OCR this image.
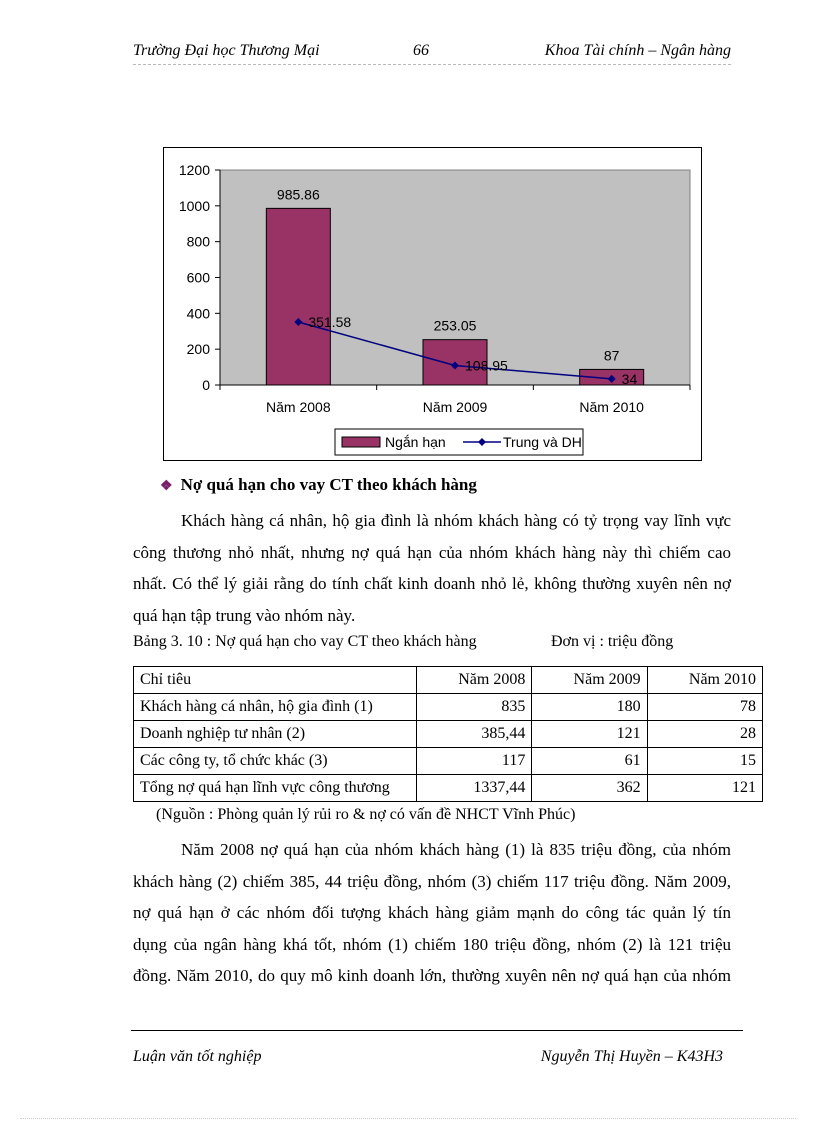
Trường Đại học Thương Mại	66	Khoa Tài chính – Ngân hàng
0
200
400
600
800
1000
1200
Năm 2008	Năm 2009	Năm 2010
985.86
253.05
87
351.58
108.95
34
Ngắn hạn	Trung và DH
❖ Nợ quá hạn cho vay CT theo khách hàng
Khách hàng cá nhân, hộ gia đình là nhóm khách hàng có tỷ trọng vay lĩnh vực
công thương nhỏ nhất, nhưng nợ quá hạn của nhóm khách hàng này thì chiếm cao
nhất. Có thể lý giải rằng do tính chất kinh doanh nhỏ lẻ, không thường xuyên nên nợ
quá hạn tập trung vào nhóm này.
Bảng 3. 10 : Nợ quá hạn cho vay CT theo khách hàng	Đơn vị : triệu đồng
Chỉ tiêu	Năm 2008	Năm 2009	Năm 2010
Khách hàng cá nhân, hộ gia đình (1)	835	180	78
Doanh nghiệp tư nhân (2)	385,44	121	28
Các công ty, tổ chức khác (3)	117	61	15
Tổng nợ quá hạn lĩnh vực công thương	1337,44	362	121
(Nguồn : Phòng quản lý rủi ro & nợ có vấn đề NHCT Vĩnh Phúc)
Năm 2008 nợ quá hạn của nhóm khách hàng (1) là 835 triệu đồng, của nhóm
khách hàng (2) chiếm 385, 44 triệu đồng, nhóm (3) chiếm 117 triệu đồng. Năm 2009,
nợ quá hạn ở các nhóm đối tượng khách hàng giảm mạnh do công tác quản lý tín
dụng của ngân hàng khá tốt, nhóm (1) chiếm 180 triệu đồng, nhóm (2) là 121 triệu
đồng. Năm 2010, do quy mô kinh doanh lớn, thường xuyên nên nợ quá hạn của nhóm
Luận văn tốt nghiệp	Nguyễn Thị Huyền – K43H3
